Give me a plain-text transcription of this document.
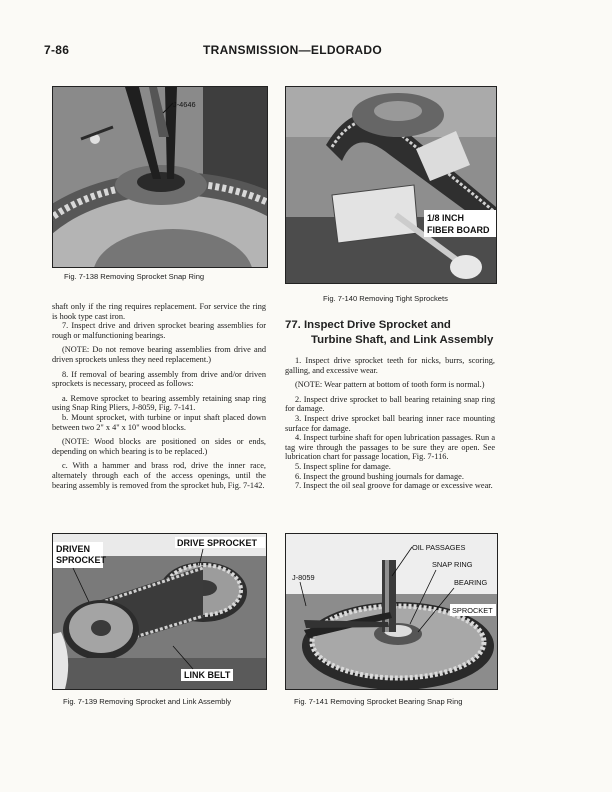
7-86	TRANSMISSION—ELDORADO
J-4646
Fig. 7-138 Removing Sprocket Snap Ring
1/8 INCH
FIBER BOARD
Fig. 7-140 Removing Tight Sprockets

shaft only if the ring requires replacement. For service the ring is hook type cast iron.

7. Inspect drive and driven sprocket bearing assemblies for rough or malfunctioning bearings.

(NOTE: Do not remove bearing assemblies from drive and driven sprockets unless they need replacement.)

8. If removal of bearing assembly from drive and/or driven sprockets is necessary, proceed as follows:

a. Remove sprocket to bearing assembly retaining snap ring using Snap Ring Pliers, J-8059, Fig. 7-141.

b. Mount sprocket, with turbine or input shaft placed down between two 2" x 4" x 10" wood blocks.

(NOTE: Wood blocks are positioned on sides or ends, depending on which bearing is to be replaced.)

c. With a hammer and brass rod, drive the inner race, alternately through each of the access openings, until the bearing assembly is removed from the sprocket hub, Fig. 7-142.

77. Inspect Drive Sprocket and
Turbine Shaft, and Link Assembly

1. Inspect drive sprocket teeth for nicks, burrs, scoring, galling, and excessive wear.

(NOTE: Wear pattern at bottom of tooth form is normal.)

2. Inspect drive sprocket to ball bearing retaining snap ring for damage.

3. Inspect drive sprocket ball bearing inner race mounting surface for damage.

4. Inspect turbine shaft for open lubrication passages. Run a tag wire through the passages to be sure they are open. See lubrication chart for passage location, Fig. 7-116.

5. Inspect spline for damage.

6. Inspect the ground bushing journals for damage.

7. Inspect the oil seal groove for damage or excessive wear.

DRIVEN
SPROCKET
DRIVE SPROCKET
LINK BELT
Fig. 7-139 Removing Sprocket and Link Assembly
J-8059
OIL PASSAGES
SNAP RING
BEARING
SPROCKET
Fig. 7-141 Removing Sprocket Bearing Snap Ring
